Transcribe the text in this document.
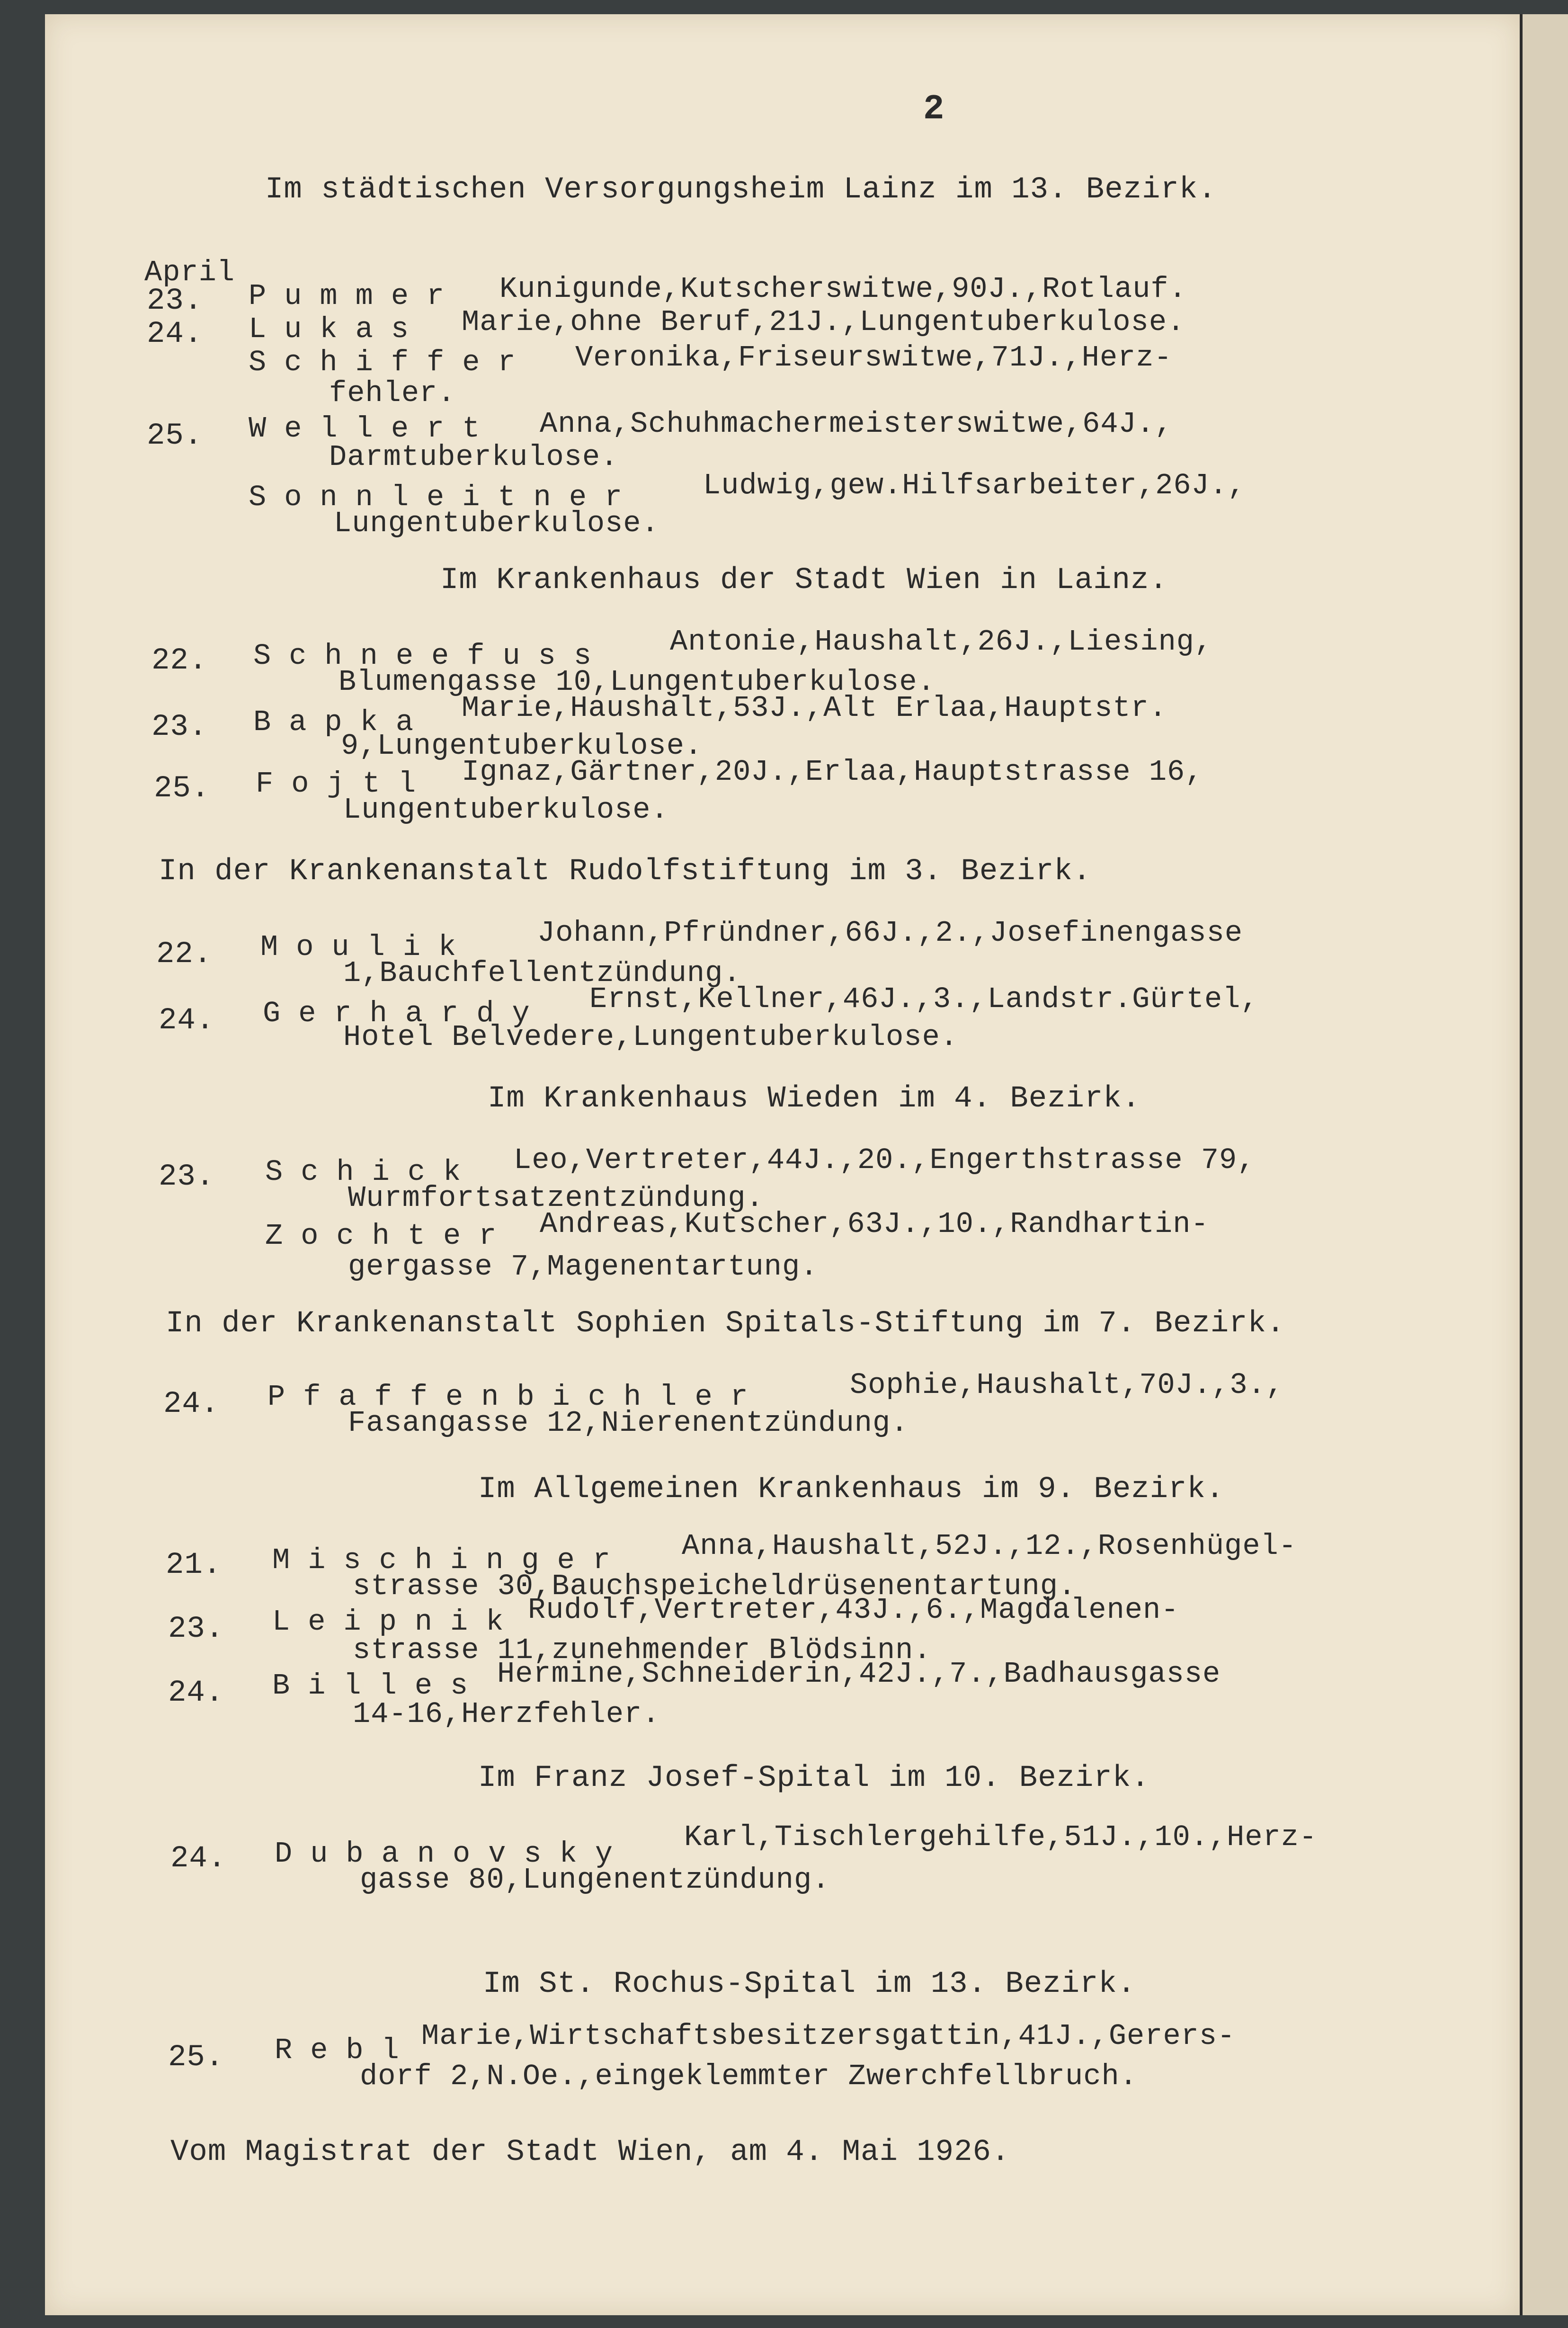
2
Im städtischen Versorgungsheim Lainz im 13. Bezirk.
April
23. Pummer Kunigunde,Kutscherswitwe,90J.,Rotlauf.
24. Lukas Marie,ohne Beruf,21J.,Lungentuberkulose.
Schiffer Veronika,Friseurswitwe,71J.,Herz-
fehler.
25. Wellert Anna,Schuhmachermeisterswitwe,64J.,
Darmtuberkulose.
Sonnleitner Ludwig,gew.Hilfsarbeiter,26J.,
Lungentuberkulose.
Im Krankenhaus der Stadt Wien in Lainz.
22. Schneefuss Antonie,Haushalt,26J.,Liesing,
Blumengasse 10,Lungentuberkulose.
23. Bapka Marie,Haushalt,53J.,Alt Erlaa,Hauptstr.
9,Lungentuberkulose.
25. Fojtl Ignaz,Gärtner,20J.,Erlaa,Hauptstrasse 16,
Lungentuberkulose.
In der Krankenanstalt Rudolfstiftung im 3. Bezirk.
22. Moulik Johann,Pfründner,66J.,2.,Josefinengasse
1,Bauchfellentzündung.
24. Gerhardy Ernst,Kellner,46J.,3.,Landstr.Gürtel,
Hotel Belvedere,Lungentuberkulose.
Im Krankenhaus Wieden im 4. Bezirk.
23. Schick Leo,Vertreter,44J.,20.,Engerthstrasse 79,
Wurmfortsatzentzündung.
Zochter Andreas,Kutscher,63J.,10.,Randhartin-
gergasse 7,Magenentartung.
In der Krankenanstalt Sophien Spitals-Stiftung im 7. Bezirk.
24. Pfaffenbichler	Sophie,Haushalt,70J.,3.,
Fasangasse 12,Nierenentzündung.
Im Allgemeinen Krankenhaus im 9. Bezirk.
21. Mischinger Anna,Haushalt,52J.,12.,Rosenhügel-
strasse 30,Bauchspeicheldrüsenentartung.
23. Leipnik Rudolf,Vertreter,43J.,6.,Magdalenen-
strasse 11,zunehmender Blödsinn.
24. Billes Hermine,Schneiderin,42J.,7.,Badhausgasse
14-16,Herzfehler.
Im Franz Josef-Spital im 10. Bezirk.
24. Dubanovsky Karl,Tischlergehilfe,51J.,10.,Herz-
gasse 80,Lungenentzündung.
Im St. Rochus-Spital im 13. Bezirk.
25. Rebl Marie,Wirtschaftsbesitzersgattin,41J.,Gerers-
dorf 2,N.Oe.,eingeklemmter Zwerchfellbruch.
Vom Magistrat der Stadt Wien, am 4. Mai 1926.
